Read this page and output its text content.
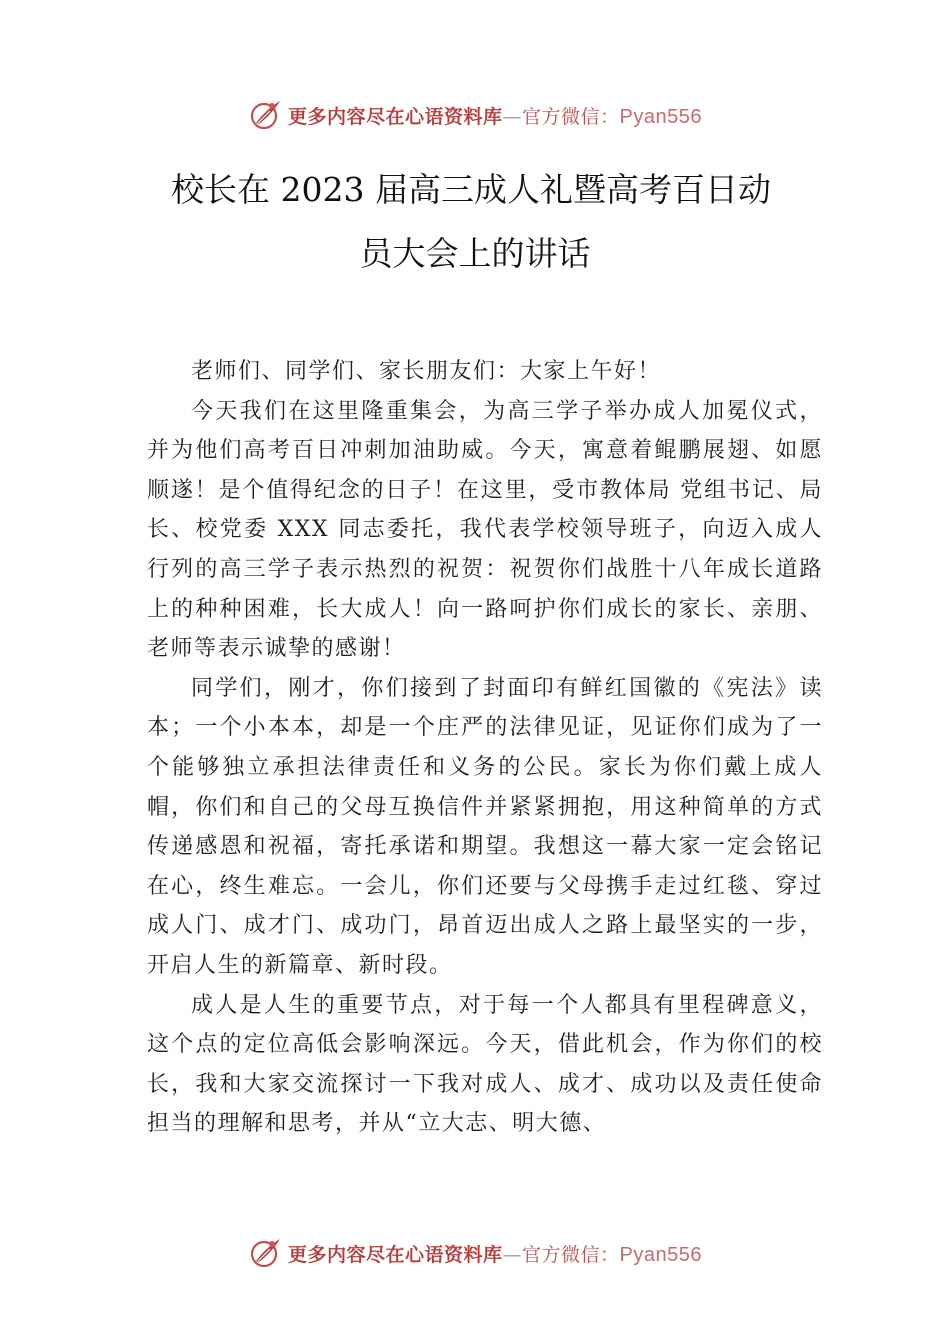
更多内容尽在心语资料库—官方微信：Pyan556
校长在 2023 届高三成人礼暨高考百日动
员大会上的讲话

老师们、同学们、家长朋友们：大家上午好！

今天我们在这里隆重集会，为高三学子举办成人加冕仪式，并为他们高考百日冲刺加油助威。今天，寓意着鲲鹏展翅、如愿顺遂！是个值得纪念的日子！在这里，受市教体局 党组书记、局长、校党委 XXX 同志委托，我代表学校领导班子，向迈入成人行列的高三学子表示热烈的祝贺：祝贺你们战胜十八年成长道路上的种种困难，长大成人！向一路呵护你们成长的家长、亲朋、老师等表示诚挚的感谢！

同学们，刚才，你们接到了封面印有鲜红国徽的《宪法》读本；一个小本本，却是一个庄严的法律见证，见证你们成为了一个能够独立承担法律责任和义务的公民。家长为你们戴上成人帽，你们和自己的父母互换信件并紧紧拥抱，用这种简单的方式传递感恩和祝福，寄托承诺和期望。我想这一幕大家一定会铭记在心，终生难忘。一会儿，你们还要与父母携手走过红毯、穿过成人门、成才门、成功门，昂首迈出成人之路上最坚实的一步，开启人生的新篇章、新时段。

成人是人生的重要节点，对于每一个人都具有里程碑意义，这个点的定位高低会影响深远。今天，借此机会，作为你们的校长，我和大家交流探讨一下我对成人、成才、成功以及责任使命担当的理解和思考，并从“立大志、明大德、

更多内容尽在心语资料库—官方微信：Pyan556
